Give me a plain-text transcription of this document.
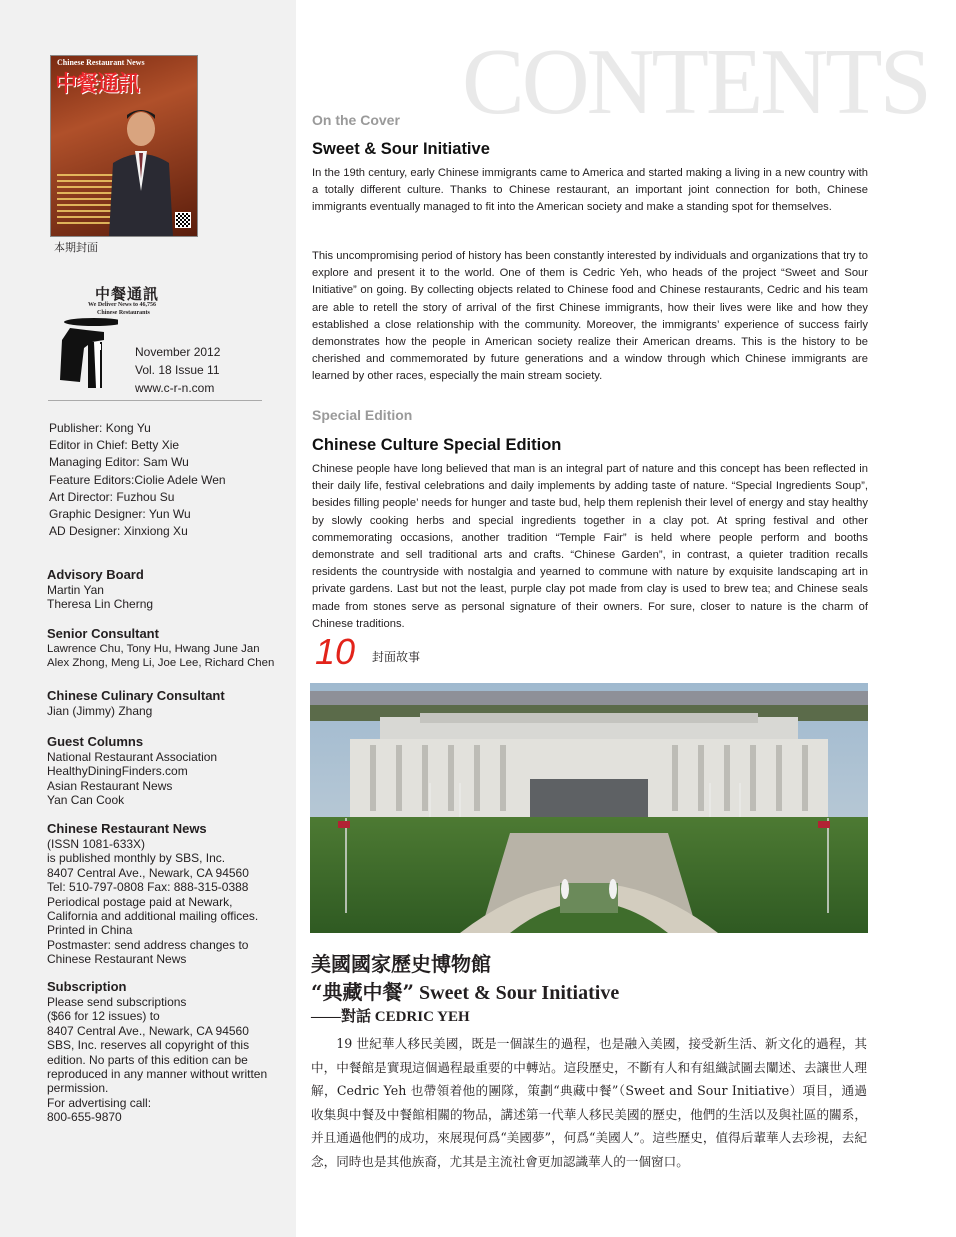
Chinese Restaurant News
中餐通訊
本期封面
中餐通訊
We Deliver News to 46,756
Chinese Restaurants
November 2012
Vol. 18 Issue 11
www.c-r-n.com
Publisher: Kong Yu
Editor in Chief: Betty Xie
Managing Editor: Sam Wu
Feature Editors:Ciolie Adele Wen
Art Director: Fuzhou Su
Graphic Designer: Yun Wu
AD Designer: Xinxiong Xu
Advisory Board
Martin Yan
Theresa Lin Cherng
Senior Consultant
Lawrence Chu, Tony Hu, Hwang June Jan
Alex Zhong, Meng Li, Joe Lee, Richard Chen
Chinese Culinary Consultant
Jian (Jimmy) Zhang
Guest Columns
National Restaurant Association
HealthyDiningFinders.com
Asian Restaurant News
Yan Can Cook
Chinese Restaurant News
(ISSN 1081-633X)
is published monthly by SBS, Inc.
8407 Central Ave., Newark, CA 94560
Tel: 510-797-0808 Fax: 888-315-0388
Periodical postage paid at Newark,
California and additional mailing offices.
Printed in China
Postmaster: send address changes to
Chinese Restaurant News
Subscription
Please send subscriptions
($66 for 12 issues) to
8407 Central Ave., Newark, CA 94560
SBS, Inc. reserves all copyright of this
edition. No parts of this edition can be
reproduced in any manner without written
permission.
For advertising call:
800-655-9870
CONTENTS
On the Cover
Sweet & Sour Initiative
In the 19th century, early Chinese immigrants came to America and started making a living in a new country with a totally different culture. Thanks to Chinese restaurant, an important joint connection for both, Chinese immigrants eventually managed to fit into the American society and make a standing spot for themselves.
This uncompromising period of history has been constantly interested by individuals and organizations that try to explore and present it to the world. One of them is Cedric Yeh, who heads of the project “Sweet and Sour Initiative” on going. By collecting objects related to Chinese food and Chinese restaurants, Cedric and his team are able to retell the story of arrival of the first Chinese immigrants, how their lives were like and how they established a close relationship with the community. Moreover, the immigrants’ experience of success fairly demonstrates how the people in American society realize their American dreams. This is the history to be cherished and commemorated by future generations and a window through which Chinese immigrants are learned by other races, especially the main stream society.
Special Edition
Chinese Culture Special Edition
Chinese people have long believed that man is an integral part of nature and this concept has been reflected in their daily life, festival celebrations and daily implements by adding taste of nature. “Special Ingredients Soup”, besides filling people’ needs for hunger and taste bud, help them replenish their level of energy and stay healthy by slowly cooking herbs and special ingredients together in a clay pot. At spring festival and other commemorating occasions, another tradition “Temple Fair” is held where people perform and booths demonstrate and sell traditional arts and crafts. “Chinese Garden”, in contrast, a quieter tradition recalls residents the countryside with nostalgia and yearned to commune with nature by exquisite landscaping art in private gardens. Last but not the least, purple clay pot made from clay is used to brew tea; and Chinese seals made from stones serve as personal signature of their owners. For sure, closer to nature is the charm of Chinese traditions.
10 封面故事
美國國家歷史博物館
“典藏中餐” Sweet & Sour Initiative
——對話 CEDRIC YEH
19 世紀華人移民美國，既是一個謀生的過程，也是融入美國，接受新生活、新文化的過程，其中，中餐館是實現這個過程最重要的中轉站。這段歷史，不斷有人和有組織試圖去闡述、去讓世人理解，Cedric Yeh 也帶領着他的團隊，策劃“典藏中餐”（Sweet and Sour Initiative）項目，通過收集與中餐及中餐館相關的物品，講述第一代華人移民美國的歷史，他們的生活以及與社區的關系，并且通過他們的成功，來展現何爲“美國夢”，何爲“美國人”。這些歷史，值得后輩華人去珍視，去紀念，同時也是其他族裔，尤其是主流社會更加認識華人的一個窗口。
